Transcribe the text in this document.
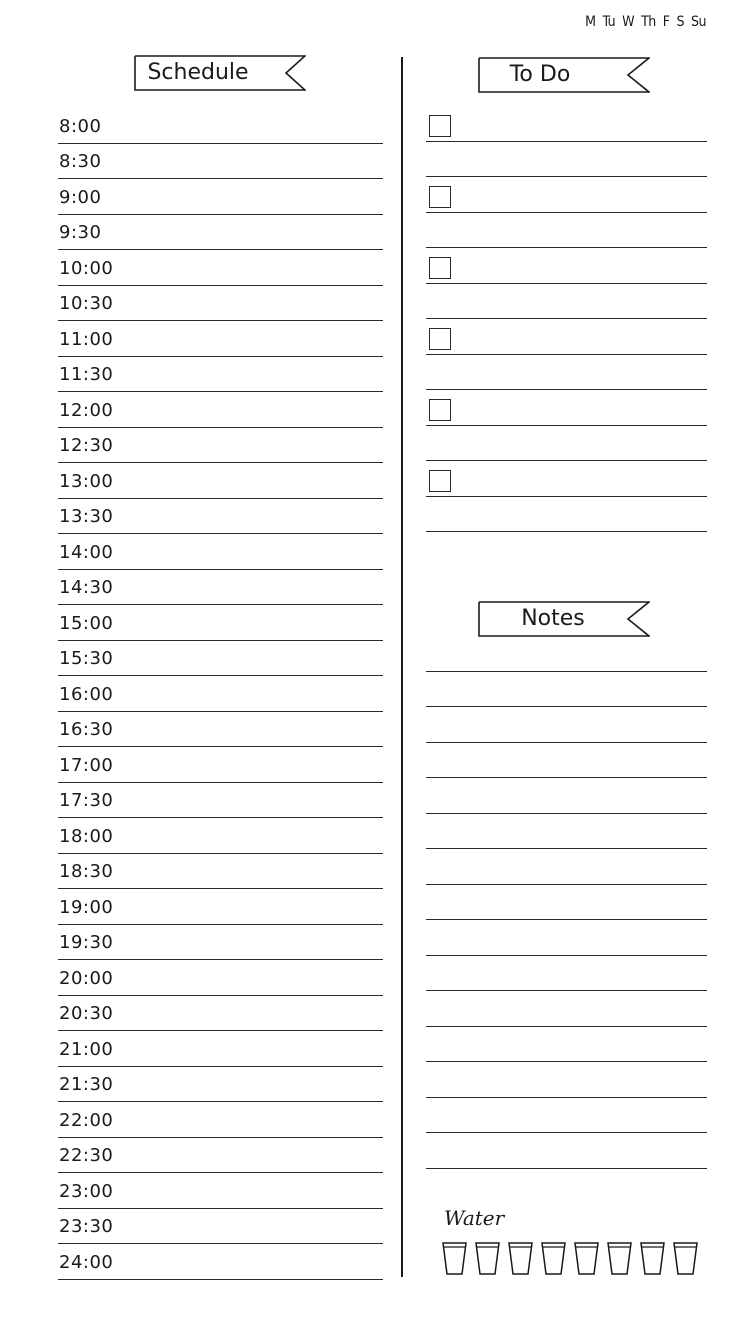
M Tu W Th F S Su
Schedule	To Do
Notes
8:00
8:30
9:00
9:30
10:00
10:30
11:00
11:30
12:00
12:30
13:00
13:30
14:00
14:30
15:00
15:30
16:00
16:30
17:00
17:30
18:00
18:30
19:00
19:30
20:00
20:30
21:00
21:30
22:00
22:30
23:00
23:30
24:00
Water
